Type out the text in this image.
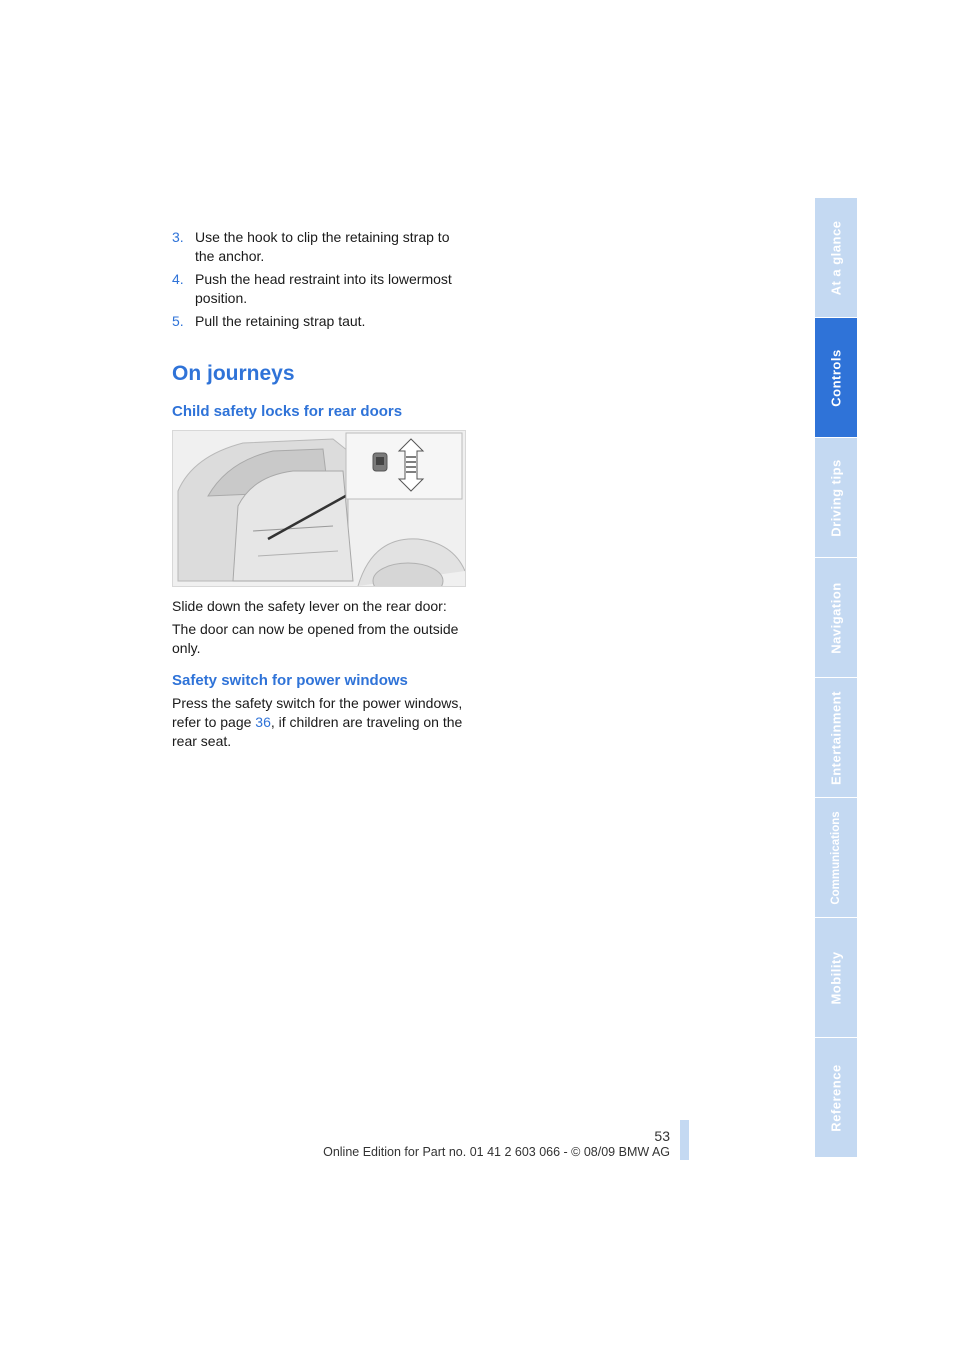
3. Use the hook to clip the retaining strap to the anchor.
4. Push the head restraint into its lowermost position.
5. Pull the retaining strap taut.
On journeys
Child safety locks for rear doors

Slide down the safety lever on the rear door:

The door can now be opened from the outside only.

Safety switch for power windows

Press the safety switch for the power windows, refer to page 36, if children are traveling on the rear seat.

53
Online Edition for Part no. 01 41 2 603 066 - © 08/09 BMW AG
At a glance
Controls
Driving tips
Navigation
Entertainment
Communications
Mobility
Reference
